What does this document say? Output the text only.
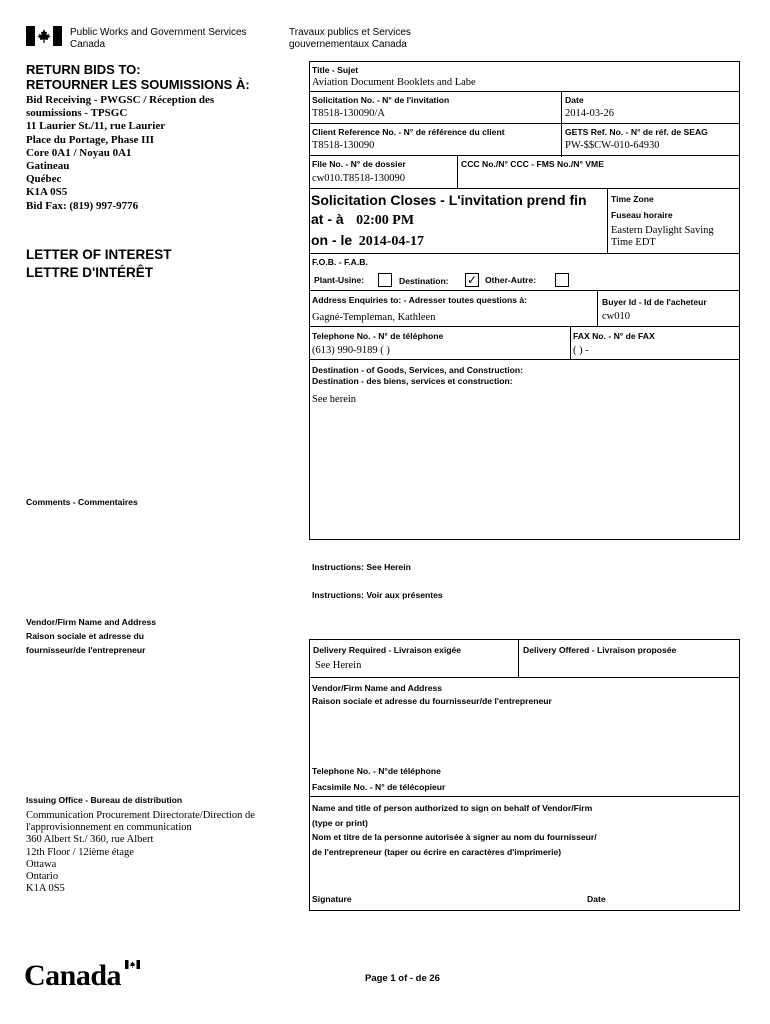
Public Works and Government Services
Canada
Travaux publics et Services
gouvernementaux Canada
RETURN BIDS TO:
RETOURNER LES SOUMISSIONS À:
Bid Receiving - PWGSC / Réception des
soumissions - TPSGC
11 Laurier St./11, rue Laurier
Place du Portage, Phase III
Core 0A1 / Noyau 0A1
Gatineau
Québec
K1A 0S5
Bid Fax: (819) 997-9776
LETTER OF INTEREST
LETTRE D'INTÉRÊT
Comments - Commentaires
Vendor/Firm Name and Address
Raison sociale et adresse du
fournisseur/de l'entrepreneur
Issuing Office - Bureau de distribution
Communication Procurement Directorate/Direction de
l'approvisionnement en communication
360 Albert St./ 360, rue Albert
12th Floor / 12ième étage
Ottawa
Ontario
K1A 0S5
Title - Sujet
Aviation Document Booklets and Labe
Solicitation No. - N° de l'invitation
T8518-130090/A
Date
2014-03-26
Client Reference No. - N° de référence du client
T8518-130090
GETS Ref. No. - N° de réf. de SEAG
PW-$$CW-010-64930
File No. - N° de dossier
cw010.T8518-130090
CCC No./N° CCC - FMS No./N° VME
Solicitation Closes - L'invitation prend fin
at - à 02:00 PM
on - le 2014-04-17
Time Zone
Fuseau horaire
Eastern Daylight Saving
Time EDT
F.O.B. - F.A.B.
Plant-Usine:	Destination: ✓ Other-Autre:
Address Enquiries to: - Adresser toutes questions à:
Gagné-Templeman, Kathleen
Buyer Id - Id de l'acheteur
cw010
Telephone No. - N° de téléphone
(613) 990-9189 ( )
FAX No. - N° de FAX
( ) -
Destination - of Goods, Services, and Construction:
Destination - des biens, services et construction:
See herein
Instructions: See Herein
Instructions: Voir aux présentes
Delivery Required - Livraison exigée
See Herein
Delivery Offered - Livraison proposée
Vendor/Firm Name and Address
Raison sociale et adresse du fournisseur/de l'entrepreneur
Telephone No. - N°de téléphone
Facsimile No. - N° de télécopieur
Name and title of person authorized to sign on behalf of Vendor/Firm
(type or print)
Nom et titre de la personne autorisée à signer au nom du fournisseur/
de l'entrepreneur (taper ou écrire en caractères d'imprimerie)
Signature	Date
Canada	Page 1 of - de 26
